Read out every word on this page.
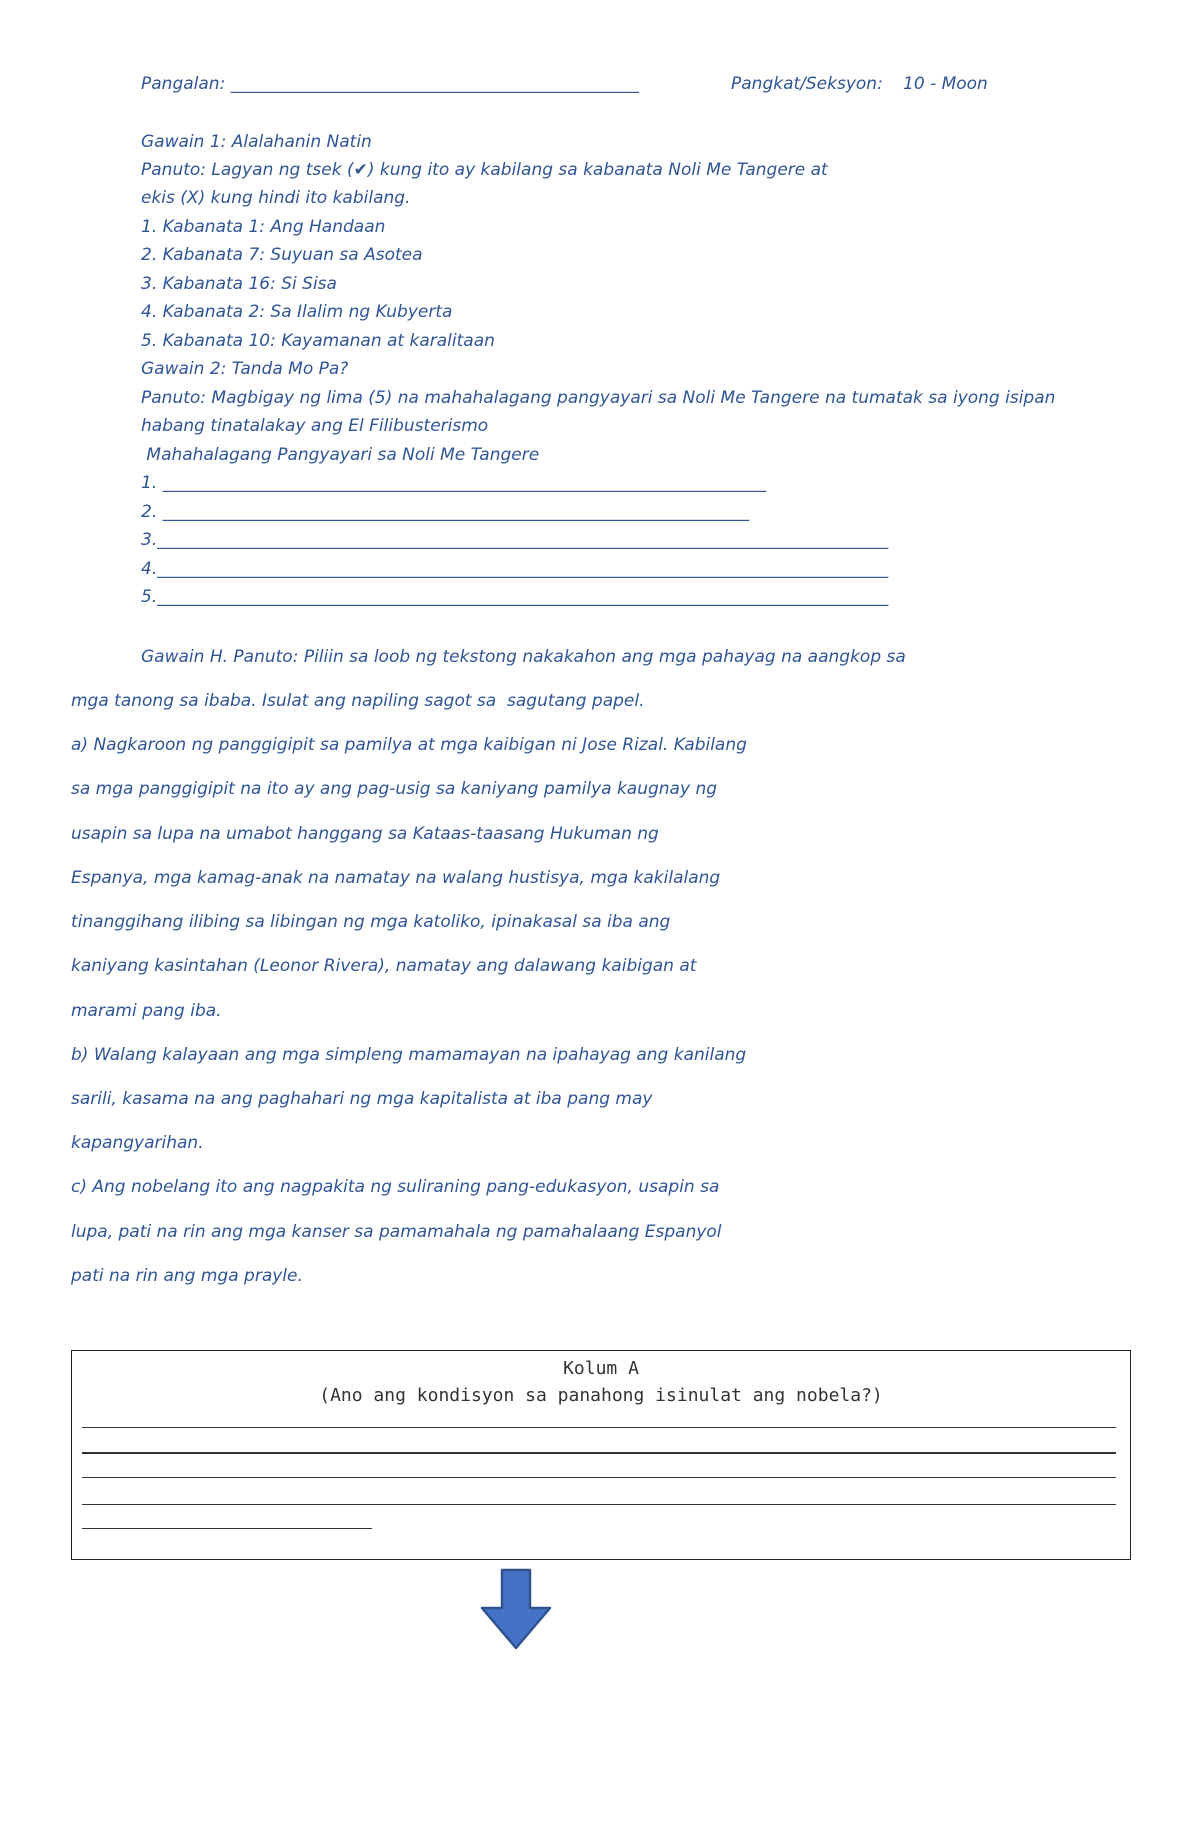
Pangalan: ________________________________________________	Pangkat/Seksyon: 10 - Moon
Gawain 1: Alalahanin Natin
Panuto: Lagyan ng tsek (✔) kung ito ay kabilang sa kabanata Noli Me Tangere at
ekis (X) kung hindi ito kabilang.
1. Kabanata 1: Ang Handaan
2. Kabanata 7: Suyuan sa Asotea
3. Kabanata 16: Si Sisa
4. Kabanata 2: Sa Ilalim ng Kubyerta
5. Kabanata 10: Kayamanan at karalitaan
Gawain 2: Tanda Mo Pa?
Panuto: Magbigay ng lima (5) na mahahalagang pangyayari sa Noli Me Tangere na tumatak sa iyong isipan
habang tinatalakay ang El Filibusterismo
Mahahalagang Pangyayari sa Noli Me Tangere
1. _______________________________________________________________________
2. _____________________________________________________________________
3.______________________________________________________________________________________
4.______________________________________________________________________________________
5.______________________________________________________________________________________
Gawain H. Panuto: Piliin sa loob ng tekstong nakakahon ang mga pahayag na aangkop sa
mga tanong sa ibaba. Isulat ang napiling sagot sa  sagutang papel.
a) Nagkaroon ng panggigipit sa pamilya at mga kaibigan ni Jose Rizal. Kabilang
sa mga panggigipit na ito ay ang pag-usig sa kaniyang pamilya kaugnay ng
usapin sa lupa na umabot hanggang sa Kataas-taasang Hukuman ng
Espanya, mga kamag-anak na namatay na walang hustisya, mga kakilalang
tinanggihang ilibing sa libingan ng mga katoliko, ipinakasal sa iba ang
kaniyang kasintahan (Leonor Rivera), namatay ang dalawang kaibigan at
marami pang iba.
b) Walang kalayaan ang mga simpleng mamamayan na ipahayag ang kanilang
sarili, kasama na ang paghahari ng mga kapitalista at iba pang may
kapangyarihan.
c) Ang nobelang ito ang nagpakita ng suliraning pang-edukasyon, usapin sa
lupa, pati na rin ang mga kanser sa pamamahala ng pamahalaang Espanyol
pati na rin ang mga prayle.
Kolum A
(Ano ang kondisyon sa panahong isinulat ang nobela?)
